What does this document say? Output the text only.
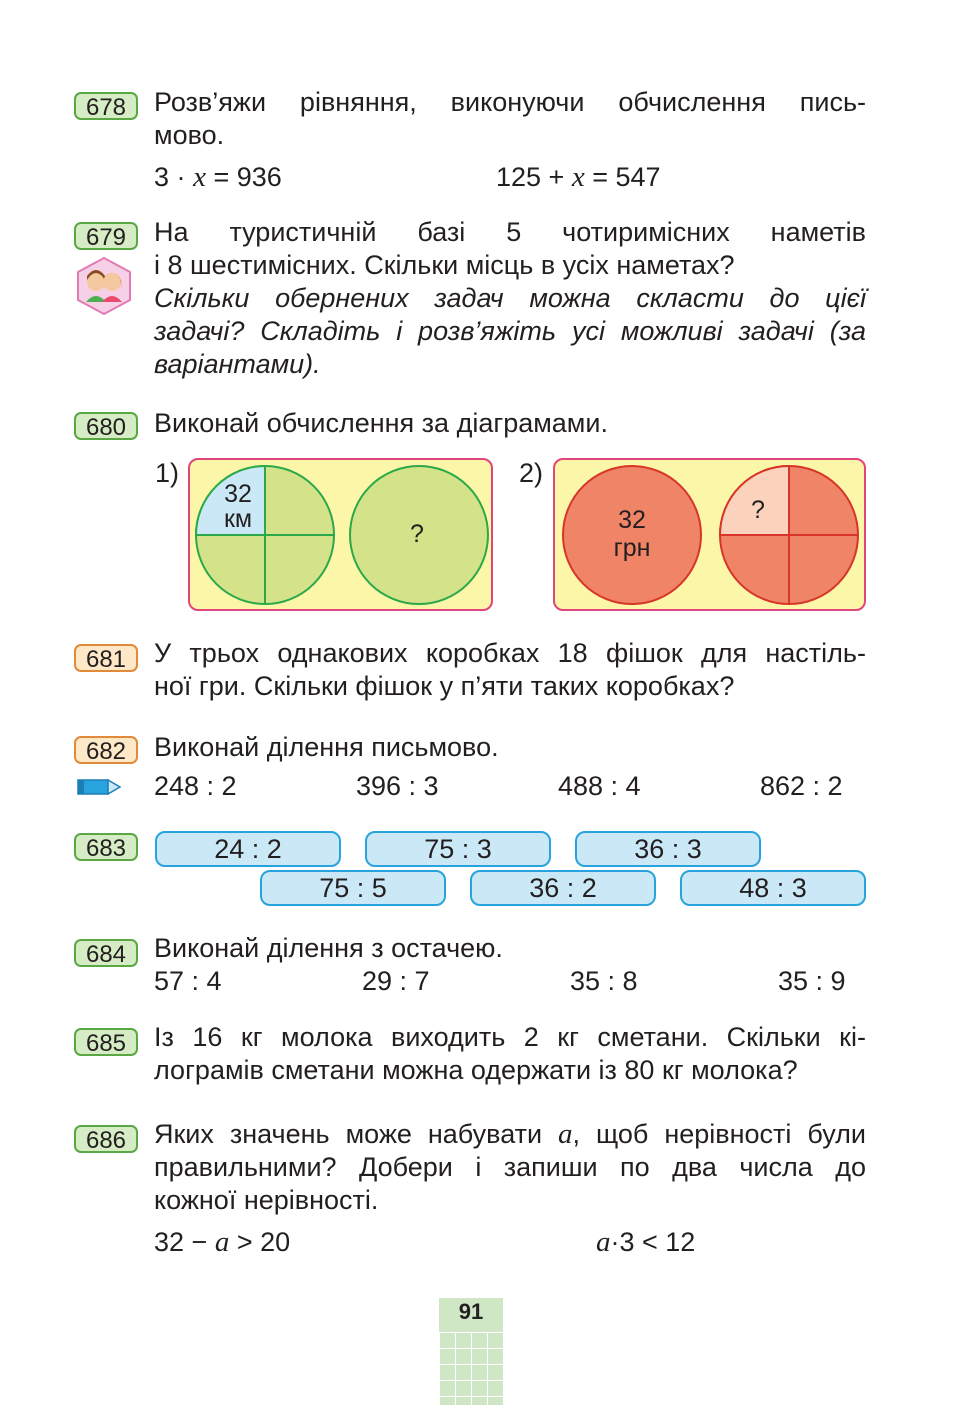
678	Розв’яжи рівняння, виконуючи обчислення пись-
мово.
3 · x = 936	125 + x = 547
679	На туристичній базі 5 чотиримісних наметів
і 8 шестимісних. Скільки місць в усіх наметах?
Скільки обернених задач можна скласти до цієї
задачі? Складіть і розв’яжіть усі можливі задачі (за
варіантами).
680	Виконай обчислення за діаграмами.
1)
32
км
?
2)
32
грн
?
681	У трьох однакових коробках 18 фішок для настіль-
ної гри. Скільки фішок у п’яти таких коробках?
682	Виконай ділення письмово.
248 : 2	396 : 3	488 : 4	862 : 2
683	24 : 2	75 : 3	36 : 3
75 : 5	36 : 2	48 : 3
684	Виконай ділення з остачею.
57 : 4	29 : 7	35 : 8	35 : 9
685	Із 16 кг молока виходить 2 кг сметани. Скільки кі-
лограмів сметани можна одержати із 80 кг молока?
686	Яких значень може набувати a, щоб нерівності були
правильними? Добери і запиши по два числа до
кожної нерівності.
32 − a > 20	a·3 < 12
91
